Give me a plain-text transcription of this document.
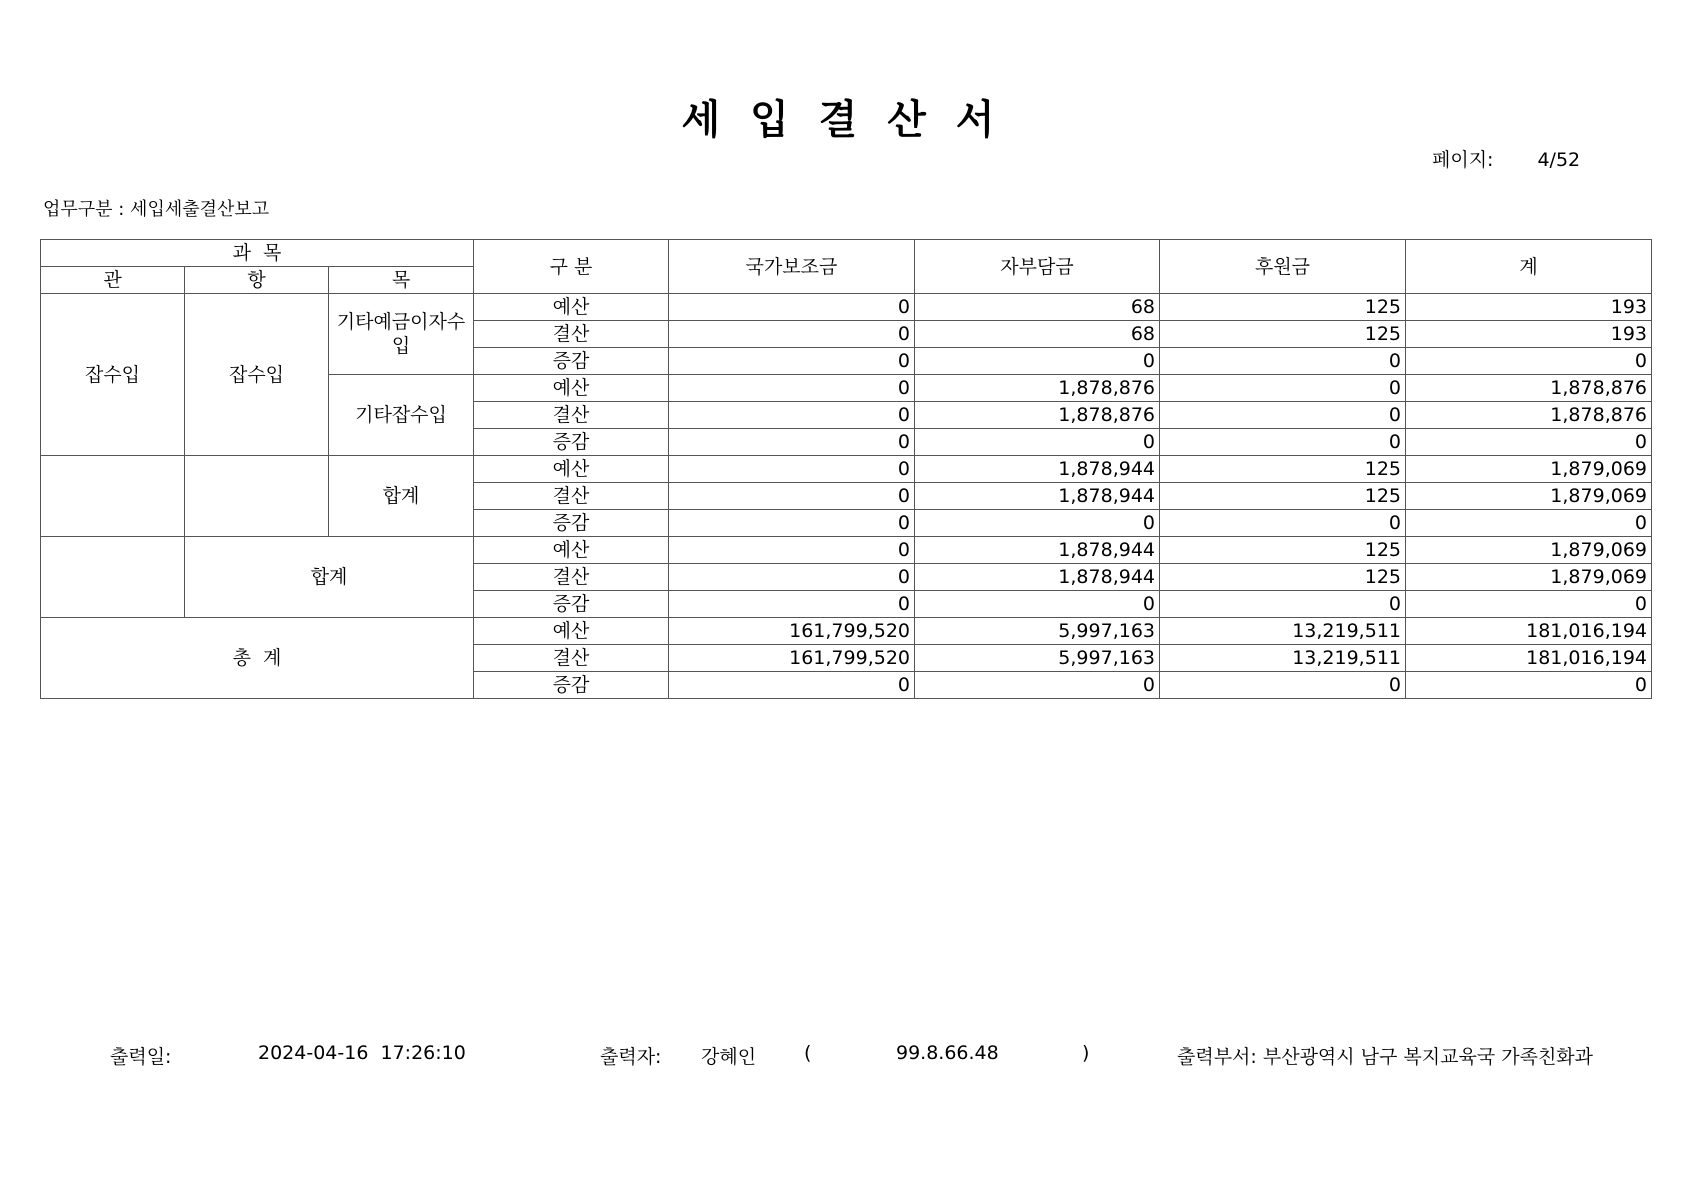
세 입 결 산 서
페이지: 4/52
업무구분 : 세입세출결산보고
과  목			구 분	국가보조금	자부담금	후원금	계
관	항	목					
잡수입	잡수입	기타예금이자수입	예산	0	68	125	193
			결산	0	68	125	193
			증감	0	0	0	0
		기타잡수입	예산	0	1,878,876	0	1,878,876
			결산	0	1,878,876	0	1,878,876
			증감	0	0	0	0
		합계	예산	0	1,878,944	125	1,879,069
			결산	0	1,878,944	125	1,879,069
			증감	0	0	0	0
	합계		예산	0	1,878,944	125	1,879,069
			결산	0	1,878,944	125	1,879,069
			증감	0	0	0	0
총  계			예산	161,799,520	5,997,163	13,219,511	181,016,194
			결산	161,799,520	5,997,163	13,219,511	181,016,194
			증감	0	0	0	0
출력일:	2024-04-16  17:26:10	출력자: 강혜인	(	99.8.66.48	)	출력부서: 부산광역시 남구 복지교육국 가족친화과
